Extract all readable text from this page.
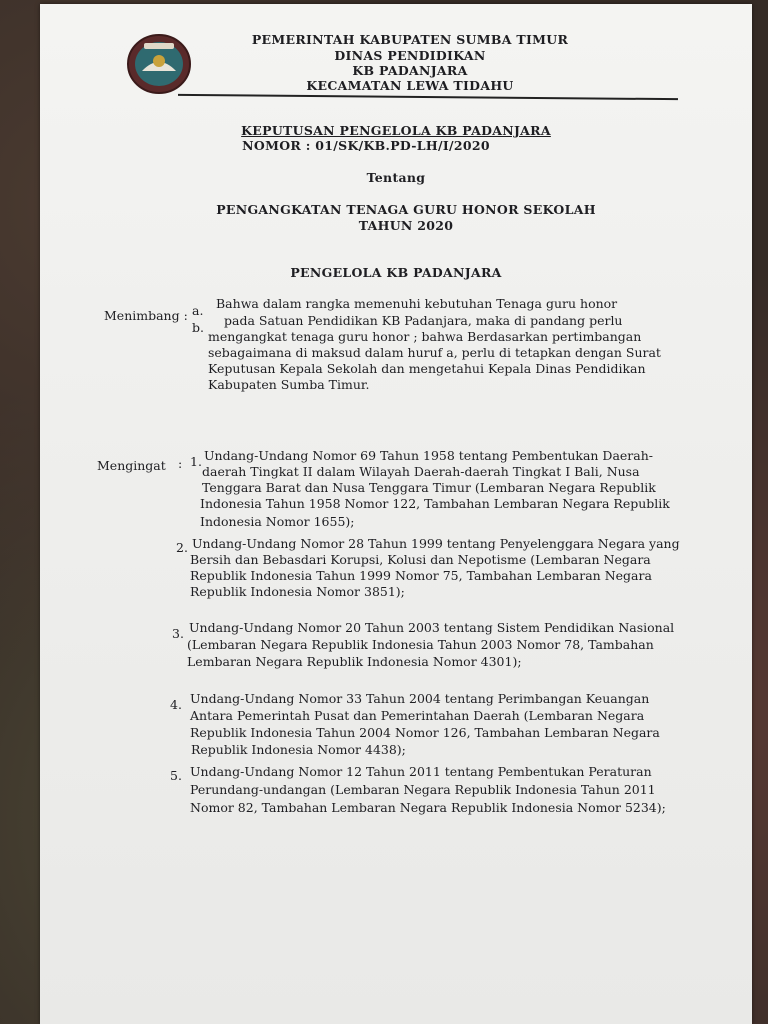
PEMERINTAH KABUPATEN SUMBA TIMUR
DINAS PENDIDIKAN
KB PADANJARA
KECAMATAN LEWA TIDAHU
KEPUTUSAN PENGELOLA KB PADANJARA
NOMOR : 01/SK/KB.PD-LH/I/2020
Tentang
PENGANGKATAN TENAGA GURU HONOR SEKOLAH
TAHUN 2020
PENGELOLA KB PADANJARA
Menimbang : a.
b.
Bahwa dalam rangka memenuhi kebutuhan Tenaga guru honor
pada Satuan Pendidikan KB Padanjara, maka di pandang perlu
mengangkat tenaga guru honor ; bahwa Berdasarkan pertimbangan
sebagaimana di maksud dalam huruf a, perlu di tetapkan dengan Surat
Keputusan Kepala Sekolah dan mengetahui Kepala Dinas Pendidikan
Kabupaten Sumba Timur.
Mengingat : 1. Undang-Undang Nomor 69 Tahun 1958 tentang Pembentukan Daerah-
daerah Tingkat II dalam Wilayah Daerah-daerah Tingkat I Bali, Nusa
Tenggara Barat dan Nusa Tenggara Timur (Lembaran Negara Republik
Indonesia Tahun 1958 Nomor 122, Tambahan Lembaran Negara Republik
Indonesia Nomor 1655);
2. Undang-Undang Nomor 28 Tahun 1999 tentang Penyelenggara Negara yang
Bersih dan Bebasdari Korupsi, Kolusi dan Nepotisme (Lembaran Negara
Republik Indonesia Tahun 1999 Nomor 75, Tambahan Lembaran Negara
Republik Indonesia Nomor 3851);
3. Undang-Undang Nomor 20 Tahun 2003 tentang Sistem Pendidikan Nasional
(Lembaran Negara Republik Indonesia Tahun 2003 Nomor 78, Tambahan
Lembaran Negara Republik Indonesia Nomor 4301);
4. Undang-Undang Nomor 33 Tahun 2004 tentang Perimbangan Keuangan
Antara Pemerintah Pusat dan Pemerintahan Daerah (Lembaran Negara
Republik Indonesia Tahun 2004 Nomor 126, Tambahan Lembaran Negara
Republik Indonesia Nomor 4438);
5. Undang-Undang Nomor 12 Tahun 2011 tentang Pembentukan Peraturan
Perundang-undangan (Lembaran Negara Republik Indonesia Tahun 2011
Nomor 82, Tambahan Lembaran Negara Republik Indonesia Nomor 5234);
